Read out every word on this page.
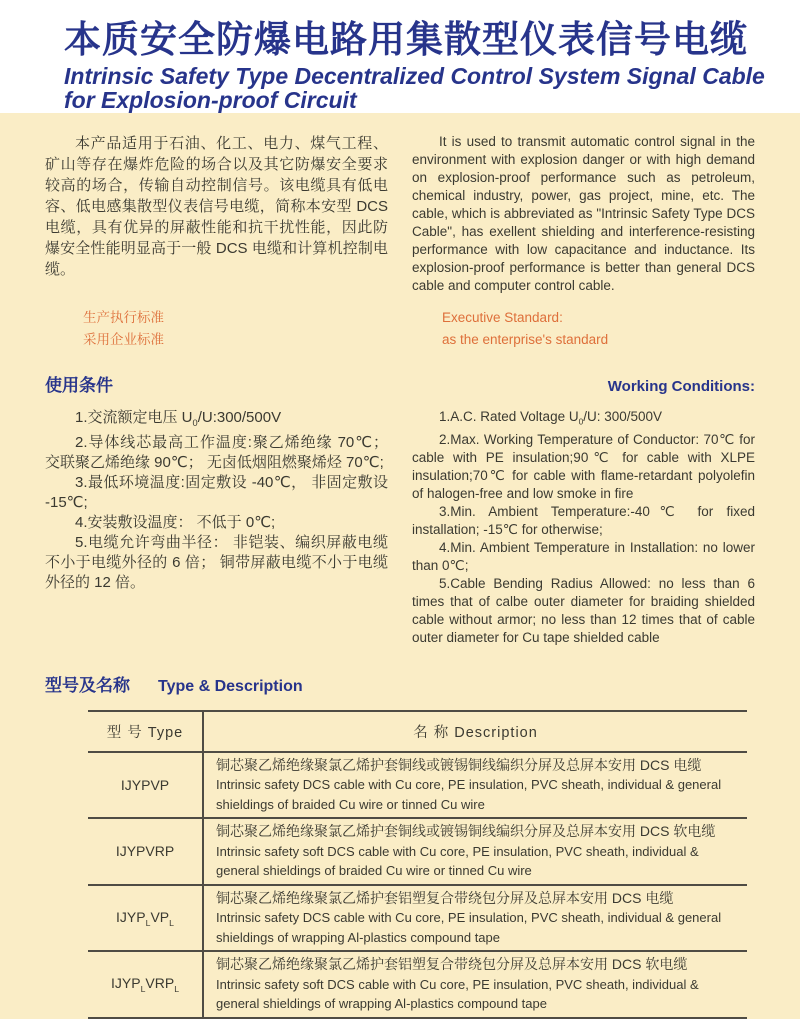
本质安全防爆电路用集散型仪表信号电缆
Intrinsic Safety Type Decentralized Control System Signal Cable
for Explosion-proof Circuit

本产品适用于石油、化工、电力、煤气工程、矿山等存在爆炸危险的场合以及其它防爆安全要求较高的场合，传输自动控制信号。该电缆具有低电容、低电感集散型仪表信号电缆，简称本安型 DCS 电缆，具有优异的屏蔽性能和抗干扰性能，因此防爆安全性能明显高于一般 DCS 电缆和计算机控制电缆。

It is used to transmit automatic control signal in the environment with explosion danger or with high demand on explosion-proof performance such as petroleum, chemical industry, power, gas project, mine, etc. The cable, which is abbreviated as "Intrinsic Safety Type DCS Cable", has exellent shielding and interference-resisting performance with low capacitance and inductance. Its explosion-proof performance is better than general DCS cable and computer control cable.

生产执行标准
采用企业标准
Executive Standard:
as the enterprise's standard
使用条件	Working Conditions:

1.交流额定电压 $U_0/U:300/500V$

2.导体线芯最高工作温度:聚乙烯绝缘 70℃； 交联聚乙烯绝缘 90℃； 无卤低烟阻燃聚烯烃 70℃;

3.最低环境温度:固定敷设 -40℃， 非固定敷设 -15℃;

4.安装敷设温度： 不低于 0℃;

5.电缆允许弯曲半径： 非铠装、编织屏蔽电缆不小于电缆外径的 6 倍； 铜带屏蔽电缆不小于电缆外径的 12 倍。

1.A.C. Rated Voltage $U_0/U$: 300/500V

2.Max. Working Temperature of Conductor: 70℃ for cable with PE insulation;90℃ for cable with XLPE insulation;70℃ for cable with flame-retardant polyolefin of halogen-free and low smoke in fire

3.Min. Ambient Temperature:-40℃ for fixed installation; -15℃ for otherwise;

4.Min. Ambient Temperature in Installation: no lower than 0℃;

5.Cable Bending Radius Allowed: no less than 6 times that of calbe outer diameter for braiding shielded cable without armor; no less than 12 times that of cable outer diameter for Cu tape shielded cable

型号及名称 Type & Description
型 号 Type	名 称 Description
IJYPVP	铜芯聚乙烯绝缘聚氯乙烯护套铜线或镀锡铜线编织分屏及总屏本安用 DCS 电缆
Intrinsic safety DCS cable with Cu core, PE insulation, PVC sheath, individual & general shieldings of braided Cu wire or tinned Cu wire

IJYPVRP	铜芯聚乙烯绝缘聚氯乙烯护套铜线或镀锡铜线编织分屏及总屏本安用 DCS 软电缆
Intrinsic safety soft DCS cable with Cu core, PE insulation, PVC sheath, individual & general shieldings of braided Cu wire or tinned Cu wire

$IJYP_LVP_L$	铜芯聚乙烯绝缘聚氯乙烯护套铝塑复合带绕包分屏及总屏本安用 DCS 电缆
Intrinsic safety DCS cable with Cu core, PE insulation, PVC sheath, individual & general shieldings of wrapping Al-plastics compound tape

$IJYP_LVRP_L$	铜芯聚乙烯绝缘聚氯乙烯护套铝塑复合带绕包分屏及总屏本安用 DCS 软电缆
Intrinsic safety soft DCS cable with Cu core, PE insulation, PVC sheath, individual & general shieldings of wrapping Al-plastics compound tape
